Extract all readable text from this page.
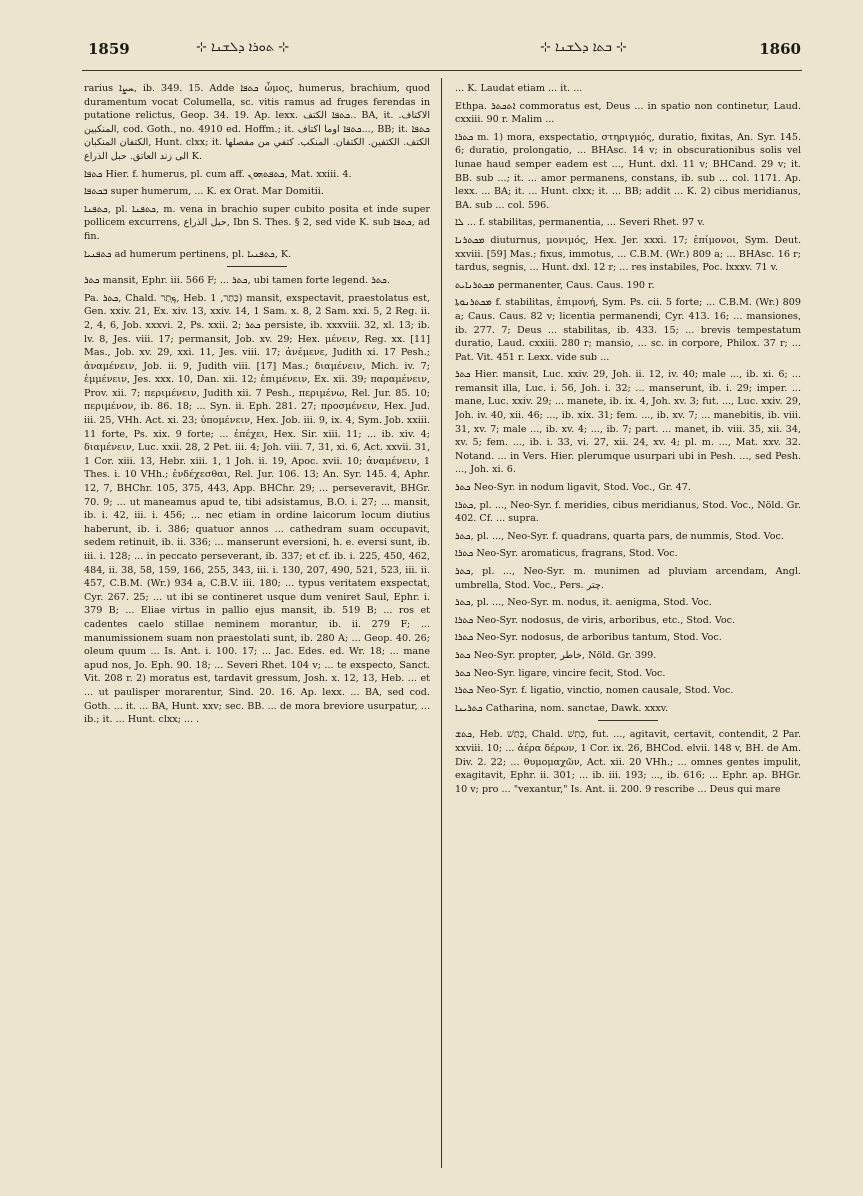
1859	⊹ ܬܘܪܐ ܕܠܫܢܐ ⊹	⊹ ܒܬܐ ܕܠܫܢܐ ⊹	1860

rarius ܚܨܐ, ib. 349. 15. Adde ܟܬܦܐ ὦμος, humerus, brachium, quod duramentum vocat Columella, sc. vitis ramus ad fruges ferendas in putatione relictus, Geop. 34. 19. Ap. lexx. ܟܬܦܐ الكتف.. BA, it. الاكتاف. المنكبين, cod. Goth., no. 4910 ed. Hoffm.; it. ܟܬܦܐ اوما اكتاف..., BB; it. ܟܬܦܐ الكتفان المنكبان, Hunt. clxx; it. الكتف. الكتفين. الكتفان. المنكب. كتفي من مفصلها الى زند العاتق. حبل الذراع K.

ܟܬܦܐ Hier. f. humerus, pl. cum aff. ܟܬܦܬܗܘܢ, Mat. xxiii. 4.

ܒܟܬܦܐ super humerum, ... K. ex Orat. Mar Domitii.

ܟܬܦܢܐ, pl. ܟܬܦܢܐ, m. vena in brachio super cubito posita et inde super pollicem excurrens, حبل الذراع, Ibn S. Thes. § 2, sed vide K. sub ܟܬܦܐ, ad fin.

ܟܬܦܢܝܐ ad humerum pertinens, pl. ܟܬܦܢܝܐ, K.

ܟܬܪ mansit, Ephr. iii. 566 F; ... ܟܬܪ, ubi tamen forte legend. ܟܬܪ.

Pa. ܟܬܪ, Chald. ܟְּתַר, Heb. כָּתַר, 1) mansit, exspectavit, praestolatus est, Gen. xxiv. 21, Ex. xiv. 13, xxiv. 14, 1 Sam. x. 8, 2 Sam. xxi. 5, 2 Reg. ii. 2, 4, 6, Job. xxxvi. 2, Ps. xxii. 2; ܟܬܪ persiste, ib. xxxviii. 32, xl. 13; ib. lv. 8, Jes. viii. 17; permansit, Job. xv. 29; Hex. μένειν, Reg. xx. [11] Mas., Job. xv. 29, xxi. 11, Jes. viii. 17; ἀνέμενε, Judith xi. 17 Pesh.; ἀναμένειν, Job. ii. 9, Judith viii. [17] Mas.; διαμένειν, Mich. iv. 7; ἐμμένειν, Jes. xxx. 10, Dan. xii. 12; ἐπιμένειν, Ex. xii. 39; παραμένειν, Prov. xii. 7; περιμένειν, Judith xii. 7 Pesh., περιμένω, Rel. Jur. 85. 10; περιμένον, ib. 86. 18; ... Syn. ii. Eph. 281. 27; προσμένειν, Hex. Jud. iii. 25, VHh. Act. xi. 23; ὑπομένειν, Hex. Job. iii. 9, ix. 4, Sym. Job. xxiii. 11 forte, Ps. xix. 9 forte; ... ἐπέχει, Hex. Sir. xiii. 11; ... ib. xiv. 4; διαμένειν, Luc. xxii. 28, 2 Pet. iii. 4; Joh. viii. 7, 31, xi. 6, Act. xxvii. 31, 1 Cor. xiii. 13, Hebr. xiii. 1, 1 Joh. ii. 19, Apoc. xvii. 10; ἀναμένειν, 1 Thes. i. 10 VHh.; ἐνδέχεσθαι, Rel. Jur. 106. 13; An. Syr. 145. 4, Aphr. 12, 7, BHChr. 105, 375, 443, App. BHChr. 29; ... perseveravit, BHGr. 70. 9; ... ut maneamus apud te, tibi adsistamus, B.O. i. 27; ... mansit, ib. i. 42, iii. i. 456; ... nec etiam in ordine laicorum locum diutius haberunt, ib. i. 386; quatuor annos ... cathedram suam occupavit, sedem retinuit, ib. ii. 336; ... manserunt eversioni, h. e. eversi sunt, ib. iii. i. 128; ... in peccato perseverant, ib. 337; et cf. ib. i. 225, 450, 462, 484, ii. 38, 58, 159, 166, 255, 343, iii. i. 130, 207, 490, 521, 523, iii. ii. 457, C.B.M. (Wr.) 934 a, C.B.V. iii. 180; ... typus veritatem exspectat, Cyr. 267. 25; ... ut ibi se contineret usque dum veniret Saul, Ephr. i. 379 B; ... Eliae virtus in pallio ejus mansit, ib. 519 B; ... ros et cadentes caelo stillae neminem morantur, ib. ii. 279 F; ... manumissionem suam non praestolati sunt, ib. 280 A; ... Geop. 40. 26; oleum quum ... Is. Ant. i. 100. 17; ... Jac. Edes. ed. Wr. 18; ... mane apud nos, Jo. Eph. 90. 18; ... Severi Rhet. 104 v; ... te exspecto, Sanct. Vit. 208 r. 2) moratus est, tardavit gressum, Josh. x. 12, 13, Heb. ... et ... ut paulisper morarentur, Sind. 20. 16. Ap. lexx. ... BA, sed cod. Goth. ... it. ... BA, Hunt. xxv; sec. BB. ... de mora breviore usurpatur, ... ib.; it. ... Hunt. clxx; ... .

... K. Laudat etiam ... it. ...

Ethpa. ܐܬܟܬܪ commoratus est, Deus ... in spatio non continetur, Laud. cxxiii. 90 r. Malim ...

ܟܬܪܐ m. 1) mora, exspectatio, στηριγμός, duratio, fixitas, An. Syr. 145. 6; duratio, prolongatio, ... BHAsc. 14 v; in obscurationibus solis vel lunae haud semper eadem est ..., Hunt. dxl. 11 v; BHCand. 29 v; it. BB. sub ...; it. ... amor permanens, constans, ib. sub ... col. 1171. Ap. lexx. ... BA; it. ... Hunt. clxx; it. ... BB; addit ... K. 2) cibus meridianus, BA. sub ... col. 596.

ܠܐ ... f. stabilitas, permanentia, ... Severi Rhet. 97 v.

ܡܟܬܪܢܐ diuturnus, μονιμός, Hex. Jer. xxxi. 17; ἐπίμονοι, Sym. Deut. xxviii. [59] Mas.; fixus, immotus, ... C.B.M. (Wr.) 809 a; ... BHAsc. 16 r; tardus, segnis, ... Hunt. dxl. 12 r; ... res instabiles, Poc. lxxxv. 71 v.

ܡܟܬܪܢܐܝܬ permanenter, Caus. Caus. 190 r.

ܡܟܬܪܢܘܬܐ f. stabilitas, ἐπιμονή, Sym. Ps. cii. 5 forte; ... C.B.M. (Wr.) 809 a; Caus. Caus. 82 v; licentia permanendi, Cyr. 413. 16; ... mansiones, ib. 277. 7; Deus ... stabilitas, ib. 433. 15; ... brevis tempestatum duratio, Laud. cxxiii. 280 r; mansio, ... sc. in corpore, Philox. 37 r; ... Pat. Vit. 451 r. Lexx. vide sub ...

ܟܬܪ Hier. mansit, Luc. xxiv. 29, Joh. ii. 12, iv. 40; male ..., ib. xi. 6; ... remansit illa, Luc. i. 56, Joh. i. 32; ... manserunt, ib. i. 29; imper. ... mane, Luc. xxiv. 29; ... manete, ib. ix. 4, Joh. xv. 3; fut. ..., Luc. xxiv. 29, Joh. iv. 40, xii. 46; ..., ib. xix. 31; fem. ..., ib. xv. 7; ... manebitis, ib. viii. 31, xv. 7; male ..., ib. xv. 4; ..., ib. 7; part. ... manet, ib. viii. 35, xii. 34, xv. 5; fem. ..., ib. i. 33, vi. 27, xii. 24, xv. 4; pl. m. ..., Mat. xxv. 32. Notand. ... in Vers. Hier. plerumque usurpari ubi in Pesh. ..., sed Pesh. ..., Joh. xi. 6.

ܟܬܪ Neo-Syr. in nodum ligavit, Stod. Voc., Gr. 47.

ܟܬܪܐ, pl. ..., Neo-Syr. f. meridies, cibus meridianus, Stod. Voc., Nöld. Gr. 402. Cf. ... supra.

ܟܬܪ, pl. ..., Neo-Syr. f. quadrans, quarta pars, de nummis, Stod. Voc.

ܟܬܪܐ Neo-Syr. aromaticus, fragrans, Stod. Voc.

ܟܬܪ, pl. ..., Neo-Syr. m. munimen ad pluviam arcendam, Angl. umbrella, Stod. Voc., Pers. چتر.

ܟܬܪ, pl. ..., Neo-Syr. m. nodus, it. aenigma, Stod. Voc.

ܟܬܪܐ Neo-Syr. nodosus, de viris, arboribus, etc., Stod. Voc.

ܟܬܪܐ Neo-Syr. nodosus, de arboribus tantum, Stod. Voc.

ܟܬܪ Neo-Syr. propter, خاطر, Nöld. Gr. 399.

ܟܬܪ Neo-Syr. ligare, vincire fecit, Stod. Voc.

ܟܬܪܐ Neo-Syr. f. ligatio, vinctio, nomen causale, Stod. Voc.

ܟܬܪܝܢܐ Catharina, nom. sanctae, Dawk. xxxv.

ܟܬܫ, Heb. כָּתַשׁ, Chald. כְּתַשׁ, fut. ..., agitavit, certavit, contendit, 2 Par. xxviii. 10; ... ἀέρα δέρων, 1 Cor. ix. 26, BHCod. elvii. 148 v, BH. de Am. Div. 2. 22; ... θυμομαχῶν, Act. xii. 20 VHh.; ... omnes gentes impulit, exagitavit, Ephr. ii. 301; ... ib. iii. 193; ..., ib. 616; ... Ephr. ap. BHGr. 10 v; pro ... "vexantur," Is. Ant. ii. 200. 9 rescribe ... Deus qui mare
